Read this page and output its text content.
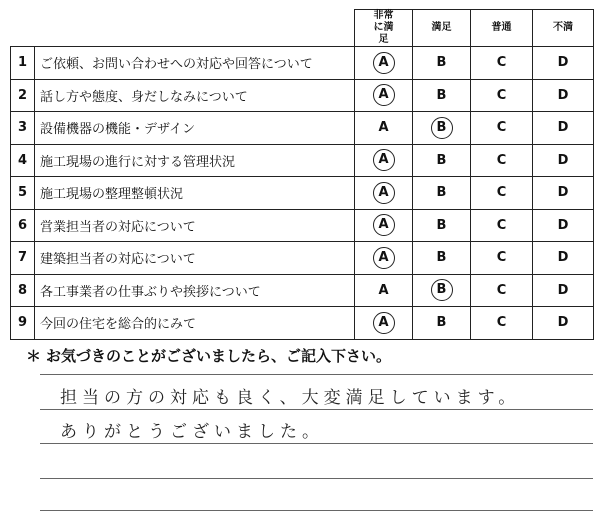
		非常に満足	満足	普通	不満
1	ご依頼、お問い合わせへの対応や回答について	A	B	C	D
2	話し方や態度、身だしなみについて	A	B	C	D
3	設備機器の機能・デザイン	A	B	C	D
4	施工現場の進行に対する管理状況	A	B	C	D
5	施工現場の整理整頓状況	A	B	C	D
6	営業担当者の対応について	A	B	C	D
7	建築担当者の対応について	A	B	C	D
8	各工事業者の仕事ぶりや挨拶について	A	B	C	D
9	今回の住宅を総合的にみて	A	B	C	D
＊ お気づきのことがございましたら、ご記入下さい。
担当の方の対応も良く、大変満足しています。
ありがとうございました。
